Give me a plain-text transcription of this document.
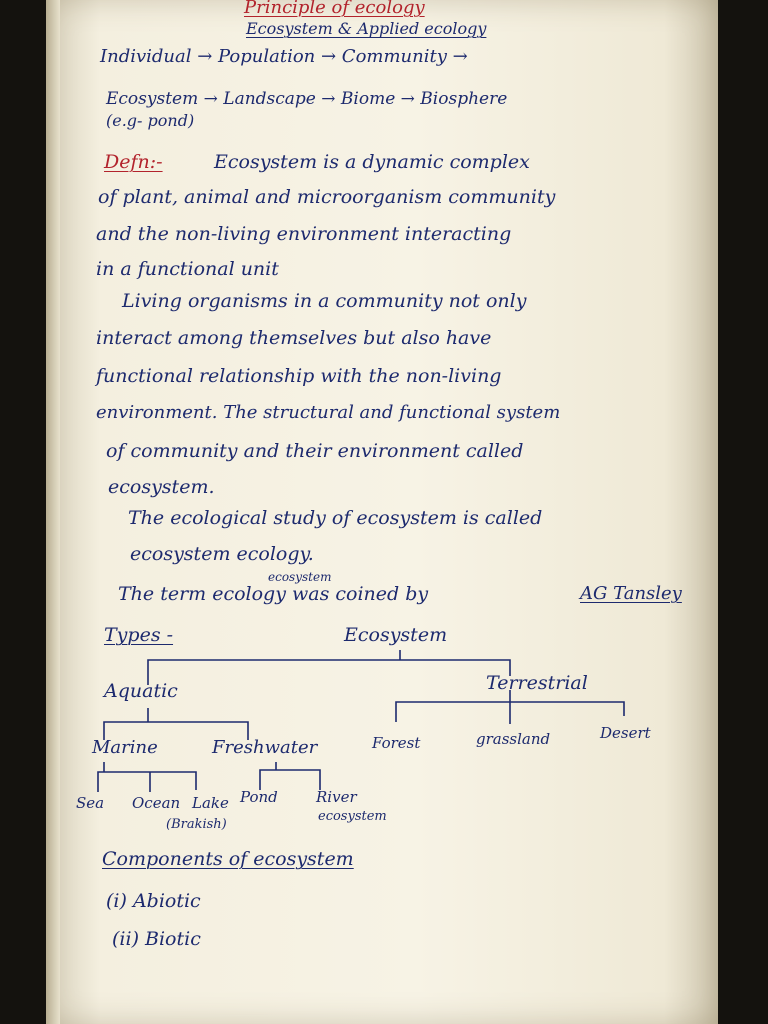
Principle of ecology
Ecosystem & Applied ecology
Individual → Population → Community →
Ecosystem → Landscape → Biome → Biosphere
(e.g- pond)
Defn:-	Ecosystem is a dynamic complex
of plant, animal and microorganism community
and the non-living environment interacting
in a functional unit
Living organisms in a community not only
interact among themselves but also have
functional relationship with the non-living
environment. The structural and functional system
of community and their environment called
ecosystem.
The ecological study of ecosystem is called
ecosystem ecology.
ecosystem
The term ecology was coined by	AG Tansley
Types -	Ecosystem
Aquatic	Terrestrial
Marine	Freshwater	Forest	grassland	Desert
Sea Ocean Lake
(Brakish)
Pond	River
ecosystem
Components of ecosystem
(i) Abiotic
(ii) Biotic
